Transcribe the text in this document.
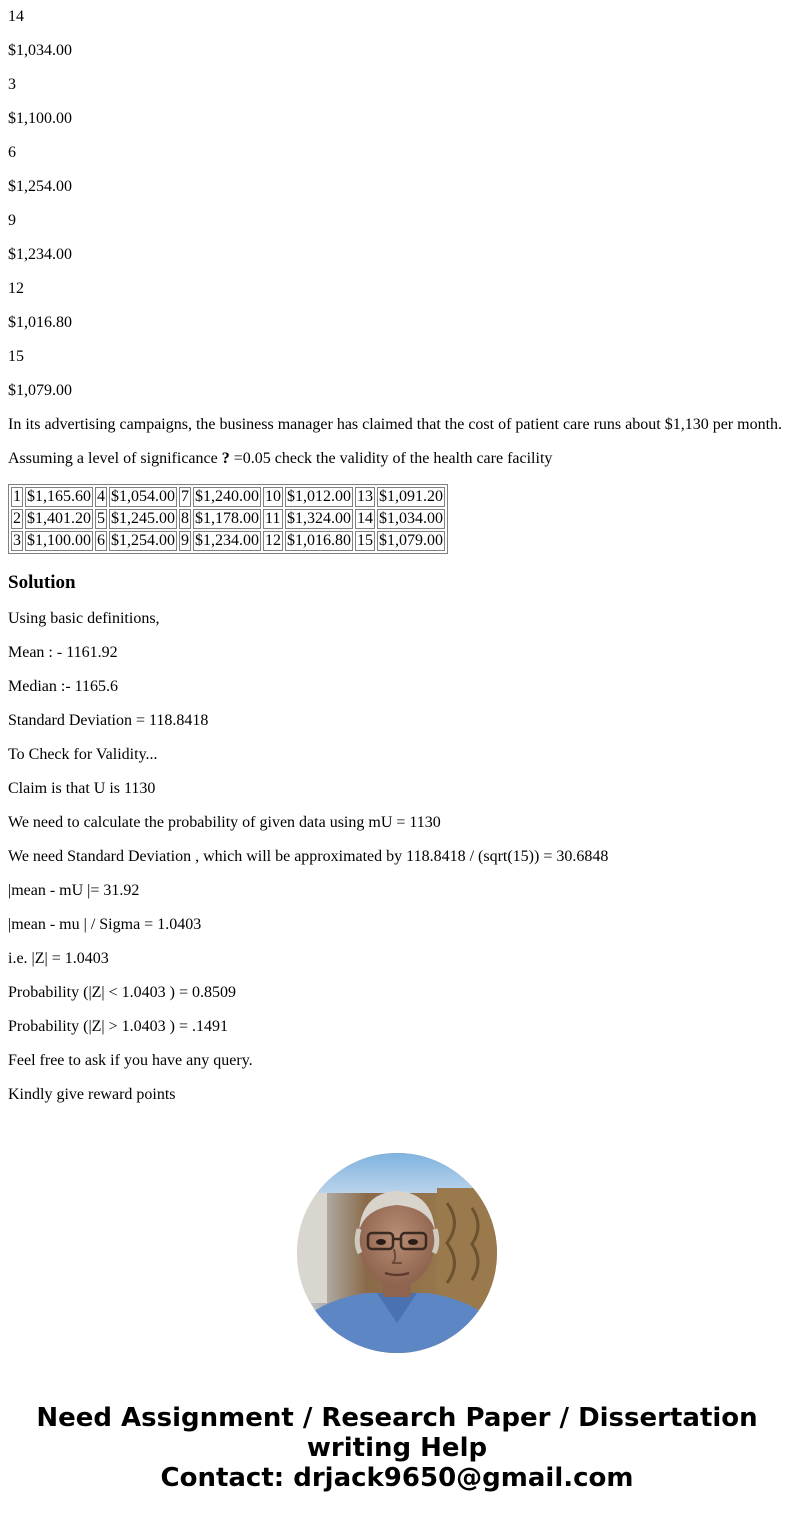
14

$1,034.00

3

$1,100.00

6

$1,254.00

9

$1,234.00

12

$1,016.80

15

$1,079.00

In its advertising campaigns, the business manager has claimed that the cost of patient care runs about $1,130 per month.

Assuming a level of significance ? =0.05 check the validity of the health care facility

1	$1,165.60	4	$1,054.00	7	$1,240.00	10	$1,012.00	13	$1,091.20
2	$1,401.20	5	$1,245.00	8	$1,178.00	11	$1,324.00	14	$1,034.00
3	$1,100.00	6	$1,254.00	9	$1,234.00	12	$1,016.80	15	$1,079.00
Solution

Using basic definitions,

Mean : - 1161.92

Median :- 1165.6

Standard Deviation = 118.8418

To Check for Validity...

Claim is that U is 1130

We need to calculate the probability of given data using mU = 1130

We need Standard Deviation , which will be approximated by 118.8418 / (sqrt(15)) = 30.6848

|mean - mU |= 31.92

|mean - mu | / Sigma = 1.0403

i.e. |Z| = 1.0403

Probability (|Z| < 1.0403 ) = 0.8509

Probability (|Z| > 1.0403 ) = .1491

Feel free to ask if you have any query.

Kindly give reward points

Need Assignment / Research Paper / Dissertation
writing Help
Contact: drjack9650@gmail.com
